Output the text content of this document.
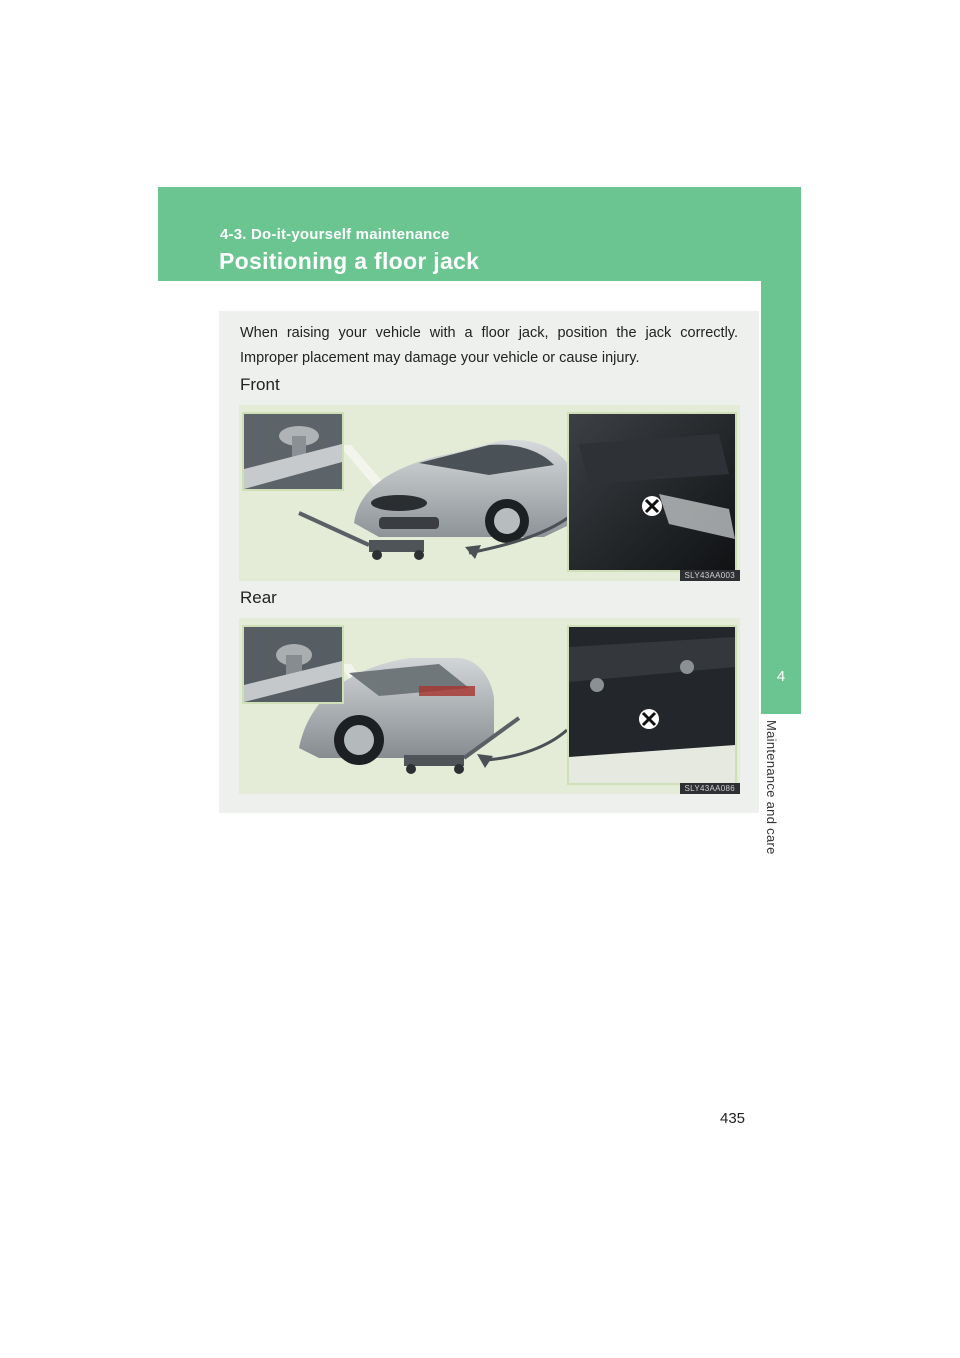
4-3. Do-it-yourself maintenance
Positioning a floor jack
4
Maintenance and care
When raising your vehicle with a floor jack, position the jack correctly. Improper placement may damage your vehicle or cause injury.
Front
SLY43AA003
Rear
SLY43AA086
435
